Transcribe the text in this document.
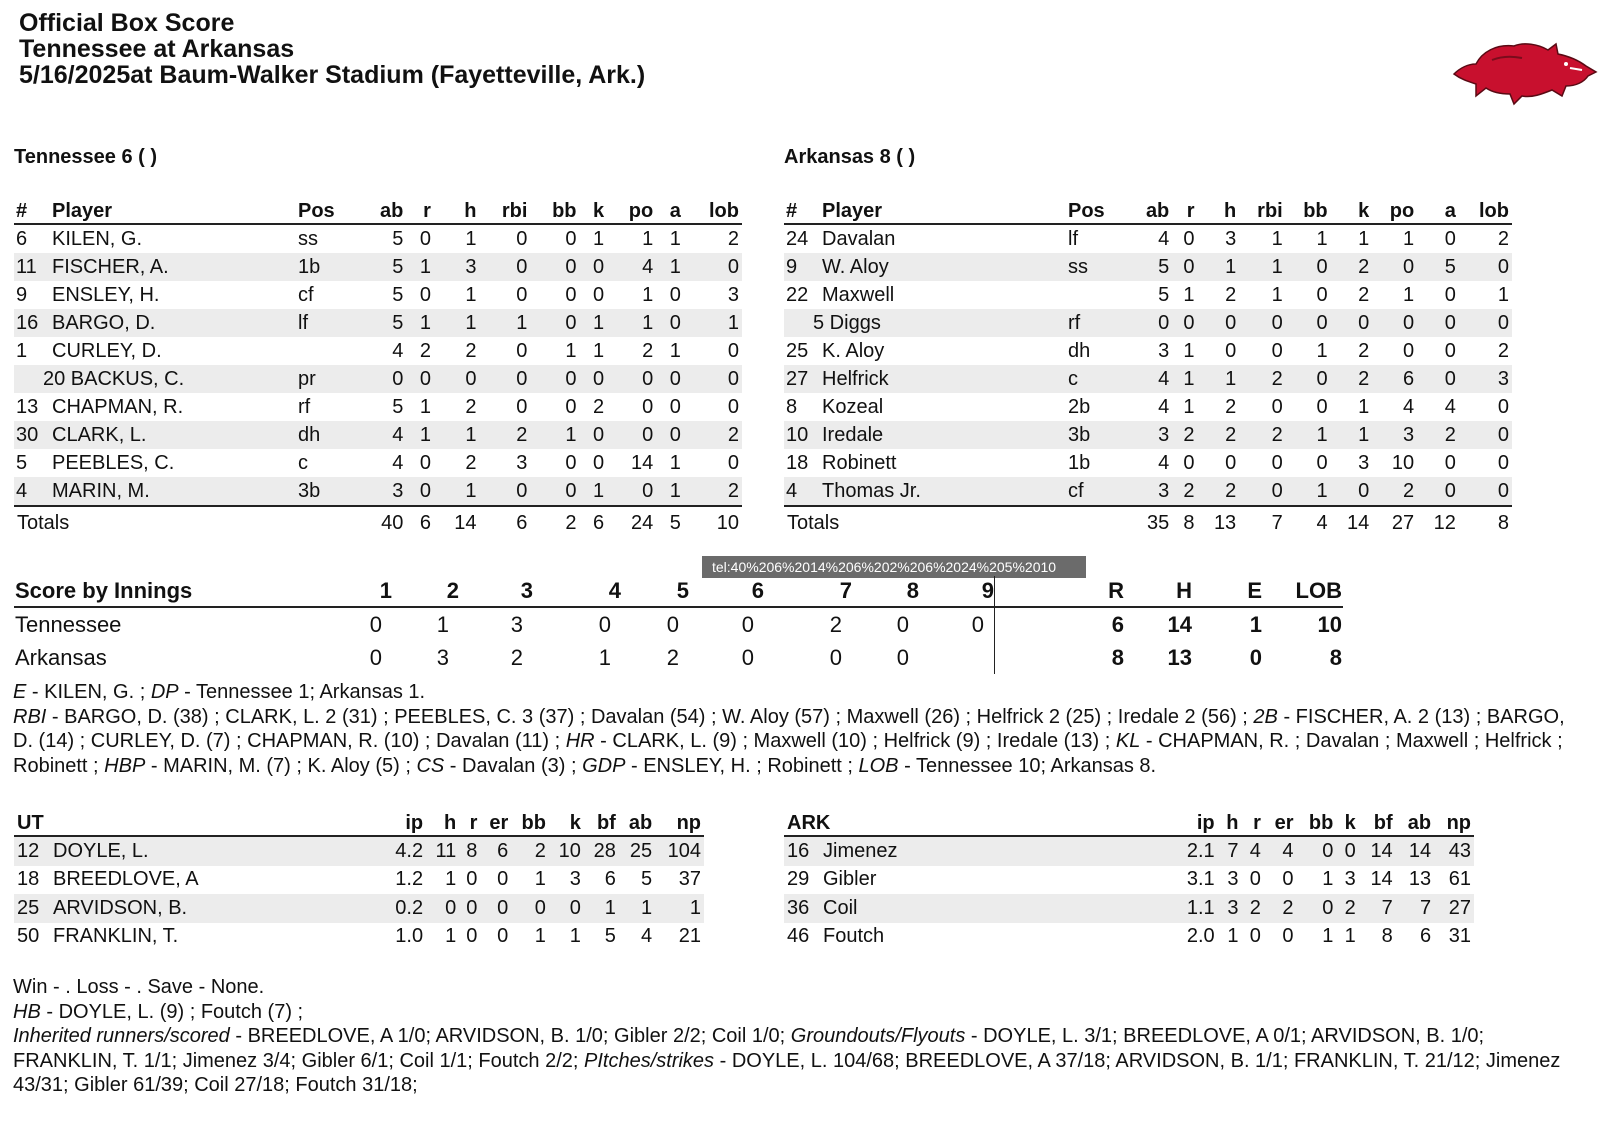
Official Box Score
Tennessee at Arkansas
5/16/2025at Baum-Walker Stadium (Fayetteville, Ark.)
Tennessee 6 ( )	Arkansas 8 ( )
#	Player	Pos	ab	r	h	rbi	bb	k	po	a	lob
6	KILEN, G.	ss	5	0	1	0	0	1	1	1	2
11	FISCHER, A.	1b	5	1	3	0	0	0	4	1	0
9	ENSLEY, H.	cf	5	0	1	0	0	0	1	0	3
16	BARGO, D.	lf	5	1	1	1	0	1	1	0	1
1	CURLEY, D.		4	2	2	0	1	1	2	1	0
20 BACKUS, C.		pr	0	0	0	0	0	0	0	0	0
13	CHAPMAN, R.	rf	5	1	2	0	0	2	0	0	0
30	CLARK, L.	dh	4	1	1	2	1	0	0	0	2
5	PEEBLES, C.	c	4	0	2	3	0	0	14	1	0
4	MARIN, M.	3b	3	0	1	0	0	1	0	1	2
Totals			40	6	14	6	2	6	24	5	10
#	Player	Pos	ab	r	h	rbi	bb	k	po	a	lob
24	Davalan	lf	4	0	3	1	1	1	1	0	2
9	W. Aloy	ss	5	0	1	1	0	2	0	5	0
22	Maxwell		5	1	2	1	0	2	1	0	1
5 Diggs		rf	0	0	0	0	0	0	0	0	0
25	K. Aloy	dh	3	1	0	0	1	2	0	0	2
27	Helfrick	c	4	1	1	2	0	2	6	0	3
8	Kozeal	2b	4	1	2	0	0	1	4	4	0
10	Iredale	3b	3	2	2	2	1	1	3	2	0
18	Robinett	1b	4	0	0	0	0	3	10	0	0
4	Thomas Jr.	cf	3	2	2	0	1	0	2	0	0
Totals			35	8	13	7	4	14	27	12	8
tel:40%206%2014%206%202%206%2024%205%2010
Score by Innings	1	2	3	4	5	6	7	8	9		R	H	E	LOB
Tennessee	0	1	3	0	0	0	2	0	0		6	14	1	10
Arkansas	0	3	2	1	2	0	0	0			8	13	0	8
E - KILEN, G. ; DP - Tennessee 1; Arkansas 1.
RBI - BARGO, D. (38) ; CLARK, L. 2 (31) ; PEEBLES, C. 3 (37) ; Davalan (54) ; W. Aloy (57) ; Maxwell (26) ; Helfrick 2 (25) ; Iredale 2 (56) ; 2B - FISCHER, A. 2 (13) ; BARGO, D. (14) ; CURLEY, D. (7) ; CHAPMAN, R. (10) ; Davalan (11) ; HR - CLARK, L. (9) ; Maxwell (10) ; Helfrick (9) ; Iredale (13) ; KL - CHAPMAN, R. ; Davalan ; Maxwell ; Helfrick ; Robinett ; HBP - MARIN, M. (7) ; K. Aloy (5) ; CS - Davalan (3) ; GDP - ENSLEY, H. ; Robinett ; LOB - Tennessee 10; Arkansas 8.
UT		ip	h	r	er	bb	k	bf	ab	np
12	DOYLE, L.	4.2	11	8	6	2	10	28	25	104
18	BREEDLOVE, A	1.2	1	0	0	1	3	6	5	37
25	ARVIDSON, B.	0.2	0	0	0	0	0	1	1	1
50	FRANKLIN, T.	1.0	1	0	0	1	1	5	4	21
ARK		ip	h	r	er	bb	k	bf	ab	np
16	Jimenez	2.1	7	4	4	0	0	14	14	43
29	Gibler	3.1	3	0	0	1	3	14	13	61
36	Coil	1.1	3	2	2	0	2	7	7	27
46	Foutch	2.0	1	0	0	1	1	8	6	31
Win - . Loss - . Save - None.
HB - DOYLE, L. (9) ; Foutch (7) ;
Inherited runners/scored - BREEDLOVE, A 1/0; ARVIDSON, B. 1/0; Gibler 2/2; Coil 1/0; Groundouts/Flyouts - DOYLE, L. 3/1; BREEDLOVE, A 0/1; ARVIDSON, B. 1/0; FRANKLIN, T. 1/1; Jimenez 3/4; Gibler 6/1; Coil 1/1; Foutch 2/2; PItches/strikes - DOYLE, L. 104/68; BREEDLOVE, A 37/18; ARVIDSON, B. 1/1; FRANKLIN, T. 21/12; Jimenez 43/31; Gibler 61/39; Coil 27/18; Foutch 31/18;
